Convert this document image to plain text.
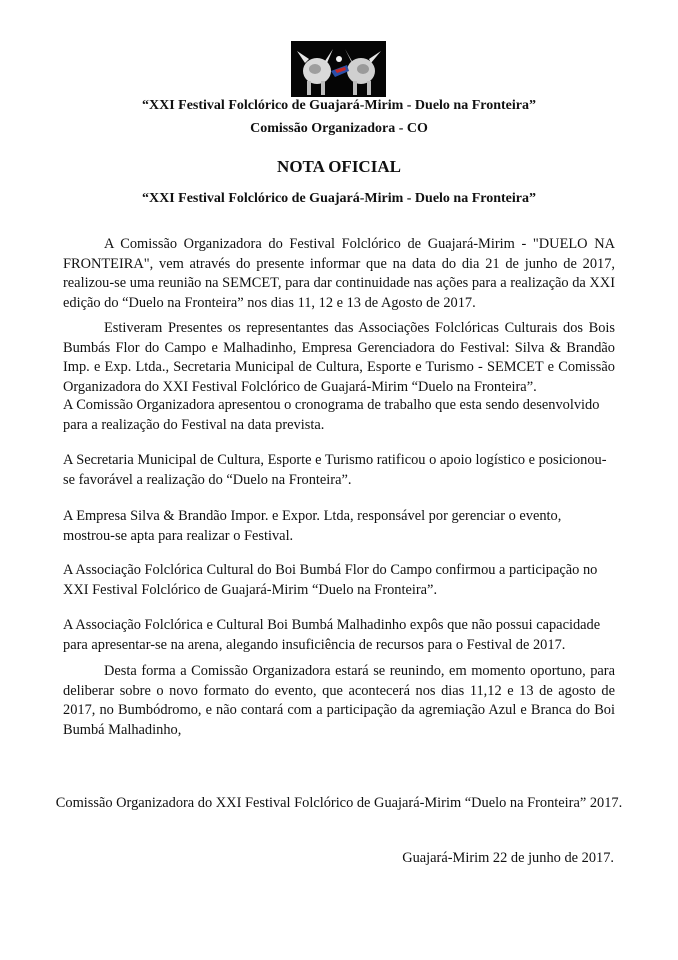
“XXI Festival Folclórico de Guajará-Mirim - Duelo na Fronteira”
Comissão Organizadora - CO
NOTA OFICIAL
“XXI Festival Folclórico de Guajará-Mirim - Duelo na Fronteira”

A Comissão Organizadora do Festival Folclórico de Guajará-Mirim - "DUELO NA FRONTEIRA", vem através do presente informar que na data do dia 21 de junho de 2017, realizou-se uma reunião na SEMCET, para dar continuidade nas ações para a realização da XXI edição do “Duelo na Fronteira” nos dias 11, 12 e 13 de Agosto de 2017.

Estiveram Presentes os representantes das Associações Folclóricas Culturais dos Bois Bumbás Flor do Campo e Malhadinho, Empresa Gerenciadora do Festival: Silva & Brandão Imp. e Exp. Ltda., Secretaria Municipal de Cultura, Esporte e Turismo - SEMCET e Comissão Organizadora do XXI Festival Folclórico de Guajará-Mirim “Duelo na Fronteira”.

A Comissão Organizadora apresentou o cronograma de trabalho que esta sendo desenvolvido para a realização do Festival na data prevista.

A Secretaria Municipal de Cultura, Esporte e Turismo ratificou o apoio logístico e posicionou-se favorável a realização do “Duelo na Fronteira”.

A Empresa Silva & Brandão Impor. e Expor. Ltda, responsável por gerenciar o evento, mostrou-se apta para realizar o Festival.

A Associação Folclórica Cultural do Boi Bumbá Flor do Campo confirmou a participação no XXI Festival Folclórico de Guajará-Mirim “Duelo na Fronteira”.

A Associação Folclórica e Cultural Boi Bumbá Malhadinho expôs que não possui capacidade para apresentar-se na arena, alegando insuficiência de recursos para o Festival de 2017.

Desta forma a Comissão Organizadora estará se reunindo, em momento oportuno, para deliberar sobre o novo formato do evento, que acontecerá nos dias 11,12 e 13 de agosto de 2017, no Bumbódromo, e não contará com a participação da agremiação Azul e Branca do Boi Bumbá Malhadinho,

Comissão Organizadora do XXI Festival Folclórico de Guajará-Mirim “Duelo na Fronteira” 2017.
Guajará-Mirim 22 de junho de 2017.
